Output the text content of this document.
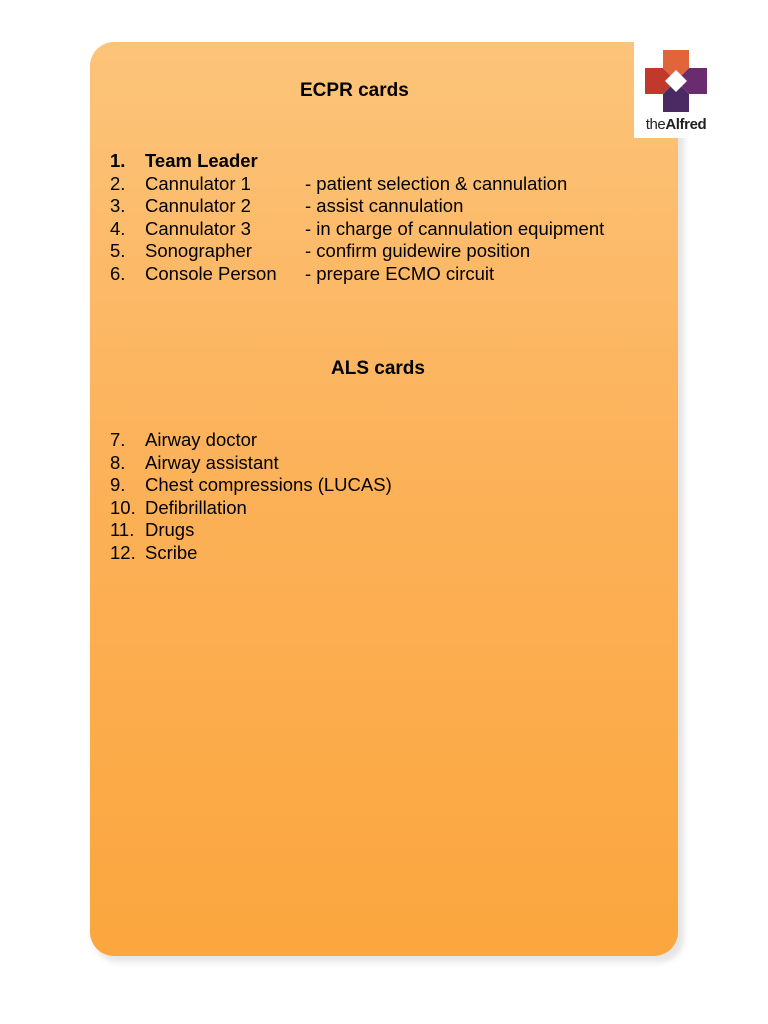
theAlfred
ECPR cards
1. Team Leader
2. Cannulator 1	- patient selection & cannulation
3. Cannulator 2	- assist cannulation
4. Cannulator 3	- in charge of cannulation equipment
5. Sonographer	- confirm guidewire position
6. Console Person - prepare ECMO circuit
ALS cards
7. Airway doctor
8. Airway assistant
9. Chest compressions (LUCAS)
10. Defibrillation
11. Drugs
12. Scribe
